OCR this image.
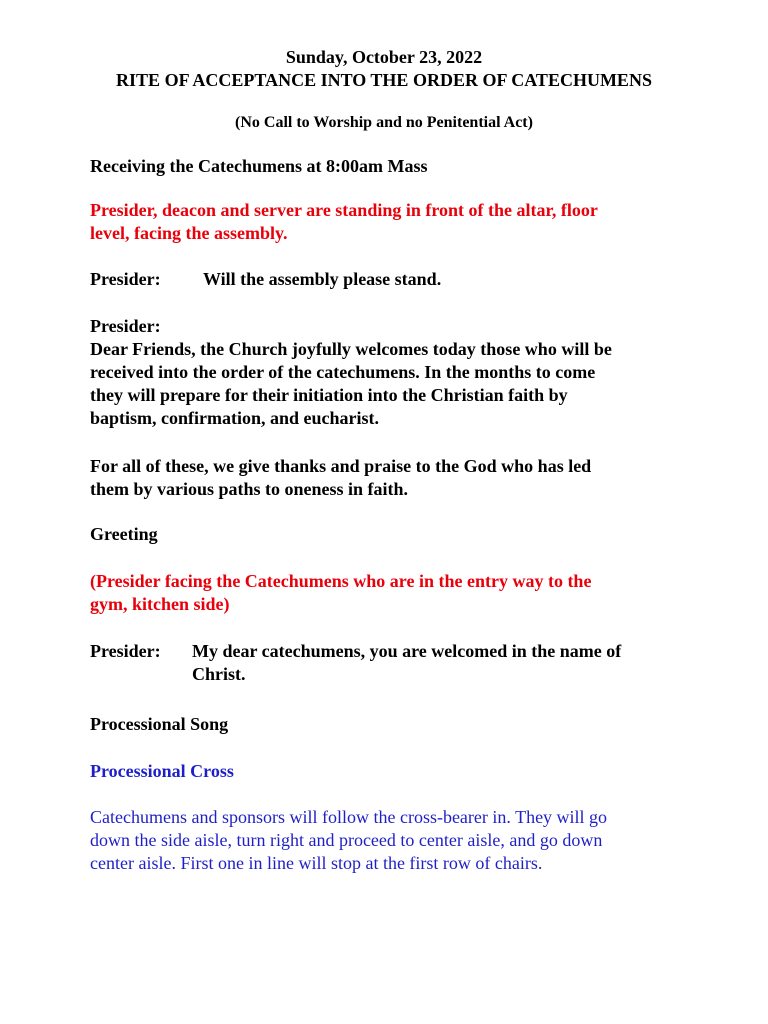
Sunday, October 23, 2022

RITE OF ACCEPTANCE INTO THE ORDER OF CATECHUMENS

(No Call to Worship and no Penitential Act)

Receiving the Catechumens at 8:00am Mass

Presider, deacon and server are standing in front of the altar, floor

level, facing the assembly.

Presider: Will the assembly please stand.

Presider:

Dear Friends, the Church joyfully welcomes today those who will be

received into the order of the catechumens. In the months to come

they will prepare for their initiation into the Christian faith by

baptism, confirmation, and eucharist.

For all of these, we give thanks and praise to the God who has led

them by various paths to oneness in faith.

Greeting

(Presider facing the Catechumens who are in the entry way to the

gym, kitchen side)

Presider: My dear catechumens, you are welcomed in the name of
Christ.

Processional Song

Processional Cross

Catechumens and sponsors will follow the cross-bearer in. They will go

down the side aisle, turn right and proceed to center aisle, and go down

center aisle. First one in line will stop at the first row of chairs.
